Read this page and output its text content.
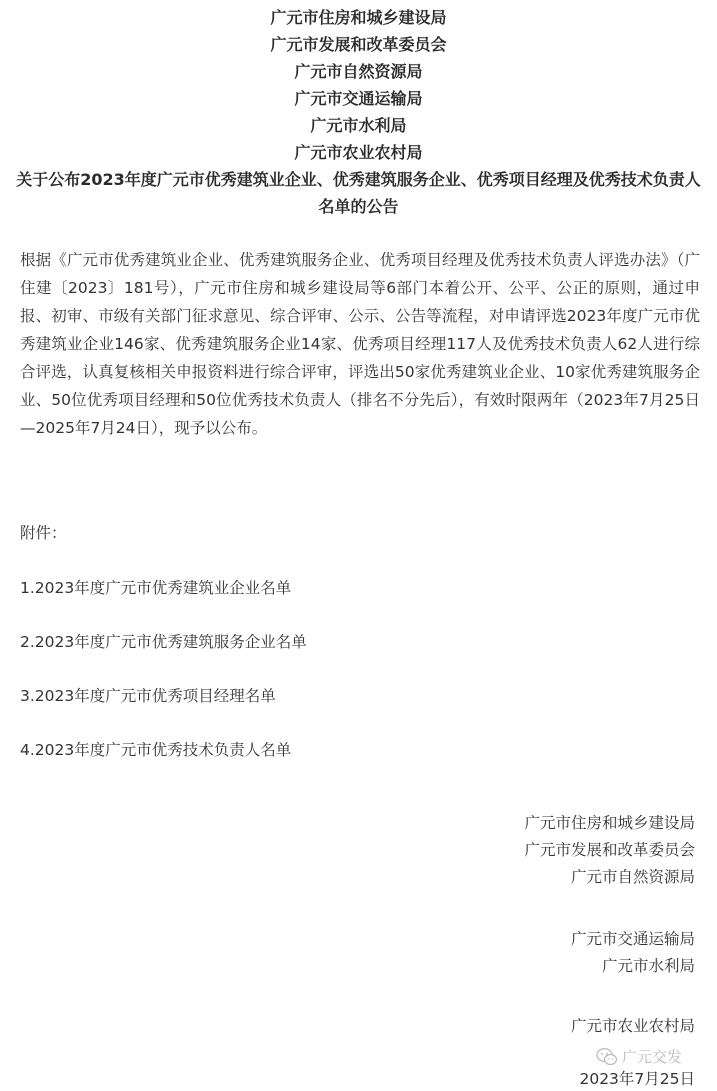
广元市住房和城乡建设局
广元市发展和改革委员会
广元市自然资源局
广元市交通运输局
广元市水利局
广元市农业农村局
关于公布2023年度广元市优秀建筑业企业、优秀建筑服务企业、优秀项目经理及优秀技术负责人名单的公告
根据《广元市优秀建筑业企业、优秀建筑服务企业、优秀项目经理及优秀技术负责人评选办法》（广住建〔2023〕181号），广元市住房和城乡建设局等6部门本着公开、公平、公正的原则，通过申报、初审、市级有关部门征求意见、综合评审、公示、公告等流程，对申请评选2023年度广元市优秀建筑业企业146家、优秀建筑服务企业14家、优秀项目经理117人及优秀技术负责人62人进行综合评选，认真复核相关申报资料进行综合评审，评选出50家优秀建筑业企业、10家优秀建筑服务企业、50位优秀项目经理和50位优秀技术负责人（排名不分先后），有效时限两年（2023年7月25日—2025年7月24日），现予以公布。
附件：
1.2023年度广元市优秀建筑业企业名单
2.2023年度广元市优秀建筑服务企业名单
3.2023年度广元市优秀项目经理名单
4.2023年度广元市优秀技术负责人名单
广元市住房和城乡建设局
广元市发展和改革委员会
广元市自然资源局
广元市交通运输局
广元市水利局
广元市农业农村局
广元交发
2023年7月25日
